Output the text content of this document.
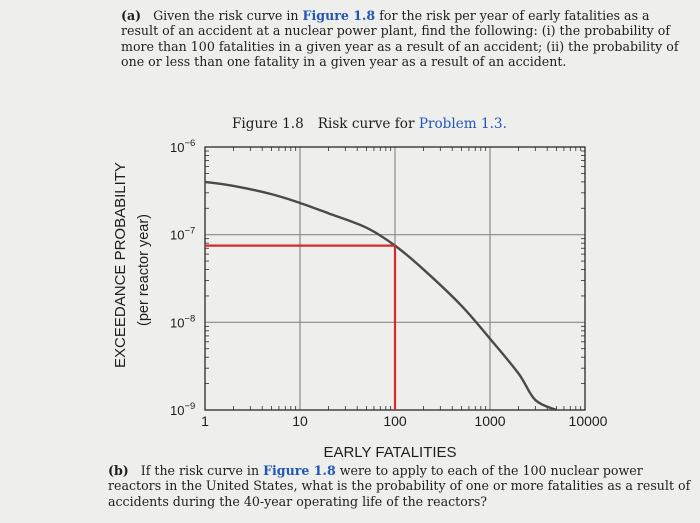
(a) Given the risk curve in Figure 1.8 for the risk per year of early fatalities as a result of an accident at a nuclear power plant, find the following: (i) the probability of more than 100 fatalities in a given year as a result of an accident; (ii) the probability of one or less than one fatality in a given year as a result of an accident.

Figure 1.8 Risk curve for Problem 1.3.
1	10	100	1000	10000
$10^{-6}$
$10^{-7}$
$10^{-8}$
$10^{-9}$
EARLY FATALITIES
EXCEEDANCE PROBABILITY (per reactor year)

(b) If the risk curve in Figure 1.8 were to apply to each of the 100 nuclear power reactors in the United States, what is the probability of one or more fatalities as a result of accidents during the 40-year operating life of the reactors?
